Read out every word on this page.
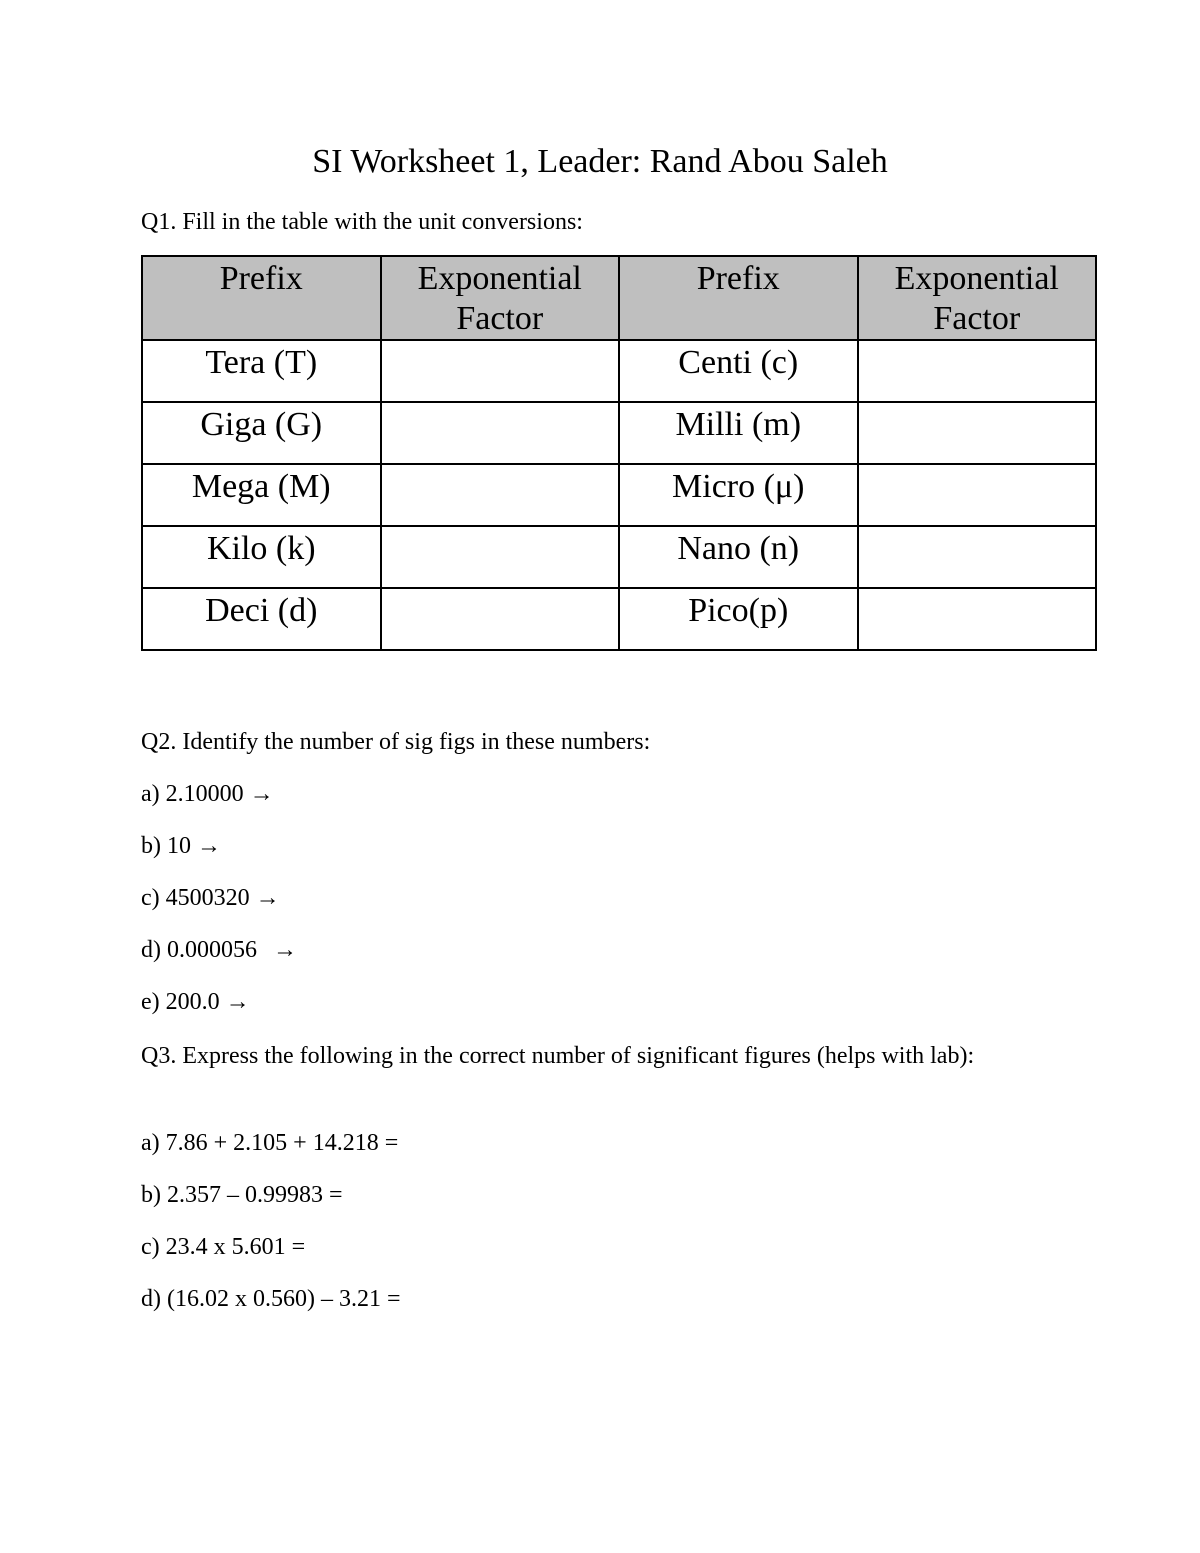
SI Worksheet 1, Leader: Rand Abou Saleh
Q1. Fill in the table with the unit conversions:
Prefix	Exponential Factor	Prefix	Exponential Factor
Tera (T)		Centi (c)	
Giga (G)		Milli (m)	
Mega (M)		Micro (μ)	
Kilo (k)		Nano (n)	
Deci (d)		Pico(p)	
Q2. Identify the number of sig figs in these numbers:
a) 2.10000 →
b) 10 →
c) 4500320 →
d) 0.000056 →
e) 200.0 →
Q3. Express the following in the correct number of significant figures (helps with lab):
a) 7.86 + 2.105 + 14.218 =
b) 2.357 – 0.99983 =
c) 23.4 x 5.601 =
d) (16.02 x 0.560) – 3.21 =
